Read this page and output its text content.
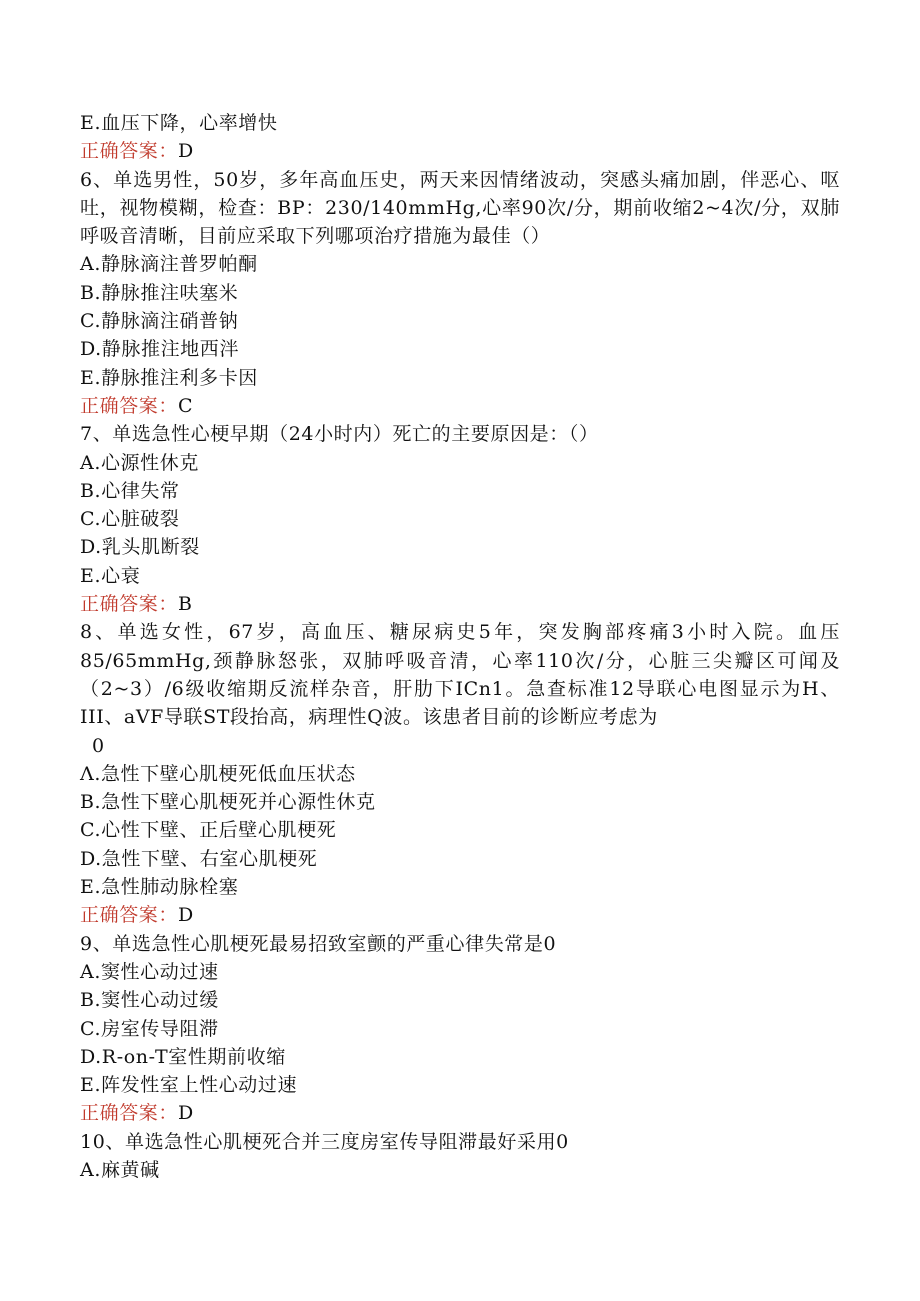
E.血压下降，心率增快
正确答案：D
6、单选男性，50岁，多年高血压史，两天来因情绪波动，突感头痛加剧，伴恶心、呕吐，视物模糊，检查：BP：230/140mmHg,心率90次/分，期前收缩2~4次/分，双肺呼吸音清晰，目前应采取下列哪项治疗措施为最佳（）
A.静脉滴注普罗帕酮
B.静脉推注呋塞米
C.静脉滴注硝普钠
D.静脉推注地西泮
E.静脉推注利多卡因
正确答案：C
7、单选急性心梗早期（24小时内）死亡的主要原因是：（）
A.心源性休克
B.心律失常
C.心脏破裂
D.乳头肌断裂
E.心衰
正确答案：B
8、单选女性，67岁，高血压、糖尿病史5年，突发胸部疼痛3小时入院。血压85/65mmHg,颈静脉怒张，双肺呼吸音清，心率110次/分，心脏三尖瓣区可闻及（2~3）/6级收缩期反流样杂音，肝肋下ICn1。急查标准12导联心电图显示为H、III、aVF导联ST段抬高，病理性Q波。该患者目前的诊断应考虑为
0
Λ.急性下壁心肌梗死低血压状态
B.急性下壁心肌梗死并心源性休克
C.心性下壁、正后壁心肌梗死
D.急性下壁、右室心肌梗死
E.急性肺动脉栓塞
正确答案：D
9、单选急性心肌梗死最易招致室颤的严重心律失常是0
A.窦性心动过速
B.窦性心动过缓
C.房室传导阻滞
D.R-on-T室性期前收缩
E.阵发性室上性心动过速
正确答案：D
10、单选急性心肌梗死合并三度房室传导阻滞最好采用0
A.麻黄碱
